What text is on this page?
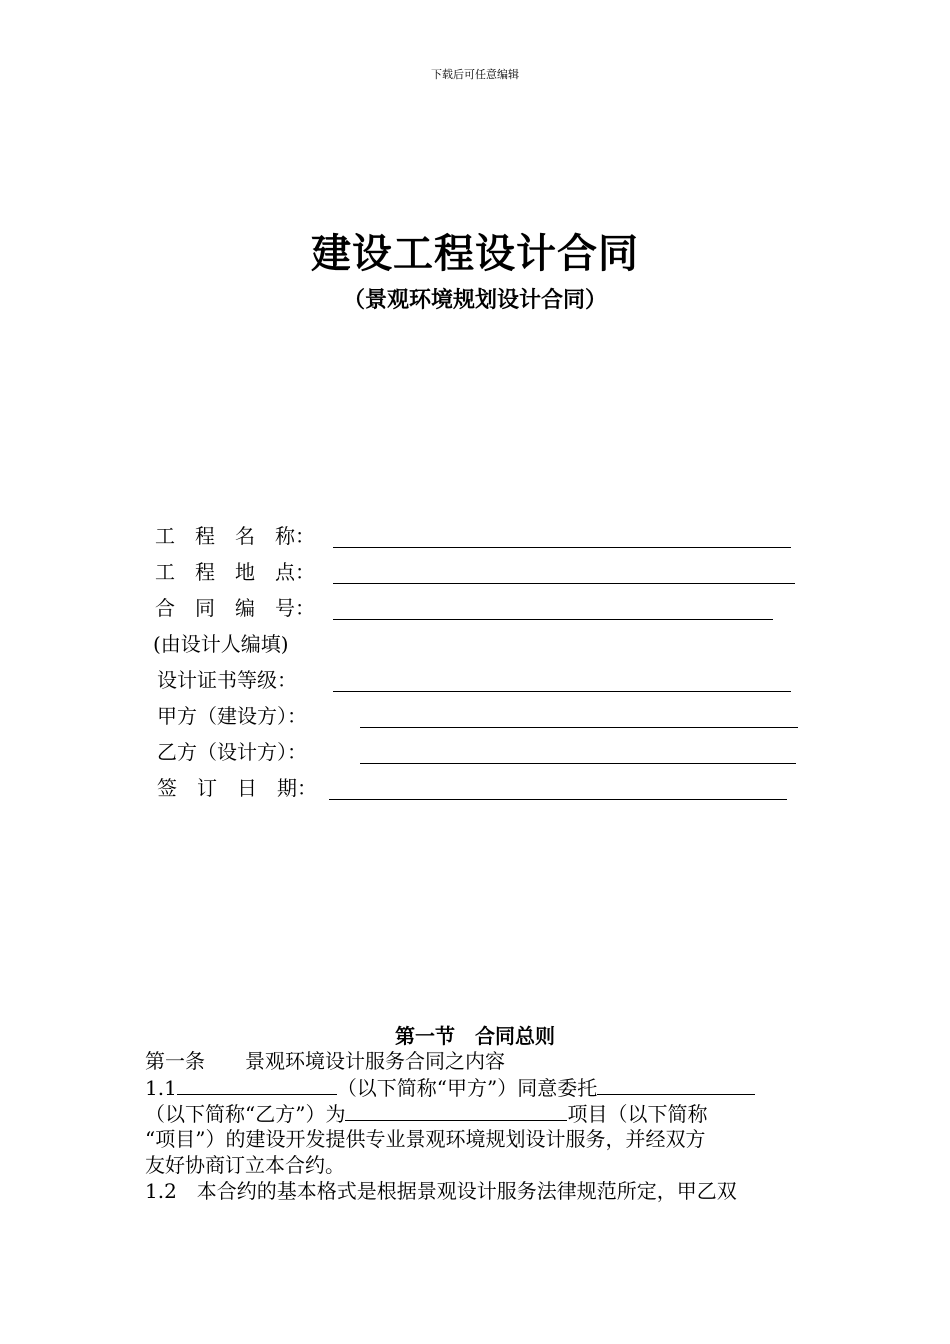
下载后可任意编辑
建设工程设计合同
（景观环境规划设计合同）
工　程　名　称：
工　程　地　点：
合　同　编　号：
(由设计人编填)
设计证书等级：
甲方（建设方）：
乙方（设计方）：
签　订　日　期：
第一节　合同总则
第一条　　景观环境设计服务合同之内容
1.1	（以下简称“甲方”）同意委托
（以下简称“乙方”）为	项目（以下简称
“项目”）的建设开发提供专业景观环境规划设计服务，并经双方
友好协商订立本合约。
1.2　本合约的基本格式是根据景观设计服务法律规范所定，甲乙双
